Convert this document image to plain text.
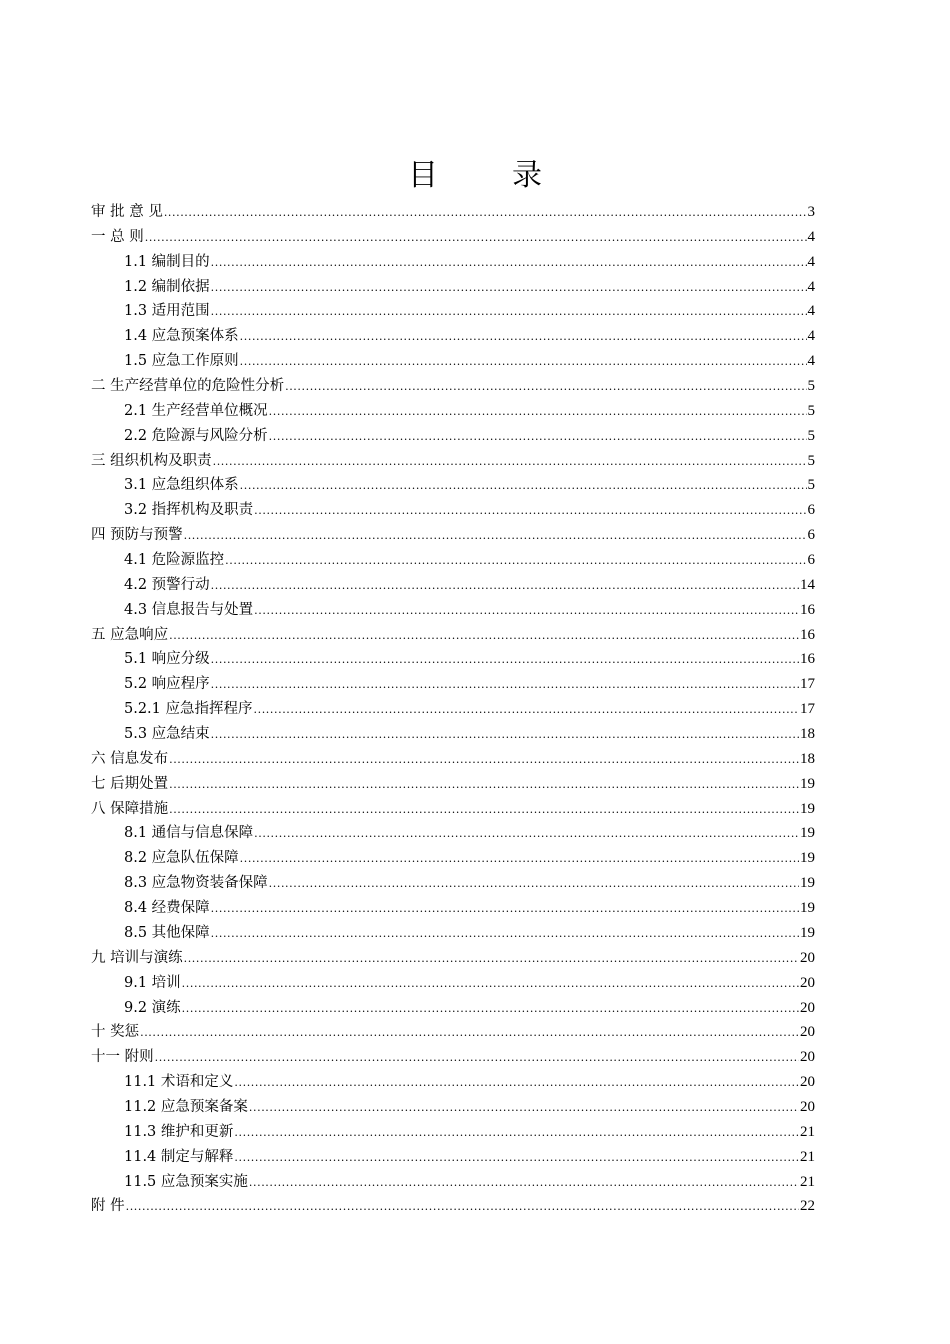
目　录
审 批 意 见 .....	3
一 总 则 .....	4
1.1 编制目的 .....	4
1.2 编制依据 .....	4
1.3 适用范围 .....	4
1.4 应急预案体系 .....	4
1.5 应急工作原则 .....	4
二 生产经营单位的危险性分析 .....	5
2.1 生产经营单位概况 .....	5
2.2 危险源与风险分析 .....	5
三 组织机构及职责 .....	5
3.1 应急组织体系 .....	5
3.2 指挥机构及职责 .....	6
四 预防与预警 .....	6
4.1 危险源监控 .....	6
4.2 预警行动 .....	14
4.3 信息报告与处置 .....	16
五 应急响应 .....	16
5.1 响应分级 .....	16
5.2 响应程序 .....	17
5.2.1 应急指挥程序 .....	17
5.3 应急结束 .....	18
六 信息发布 .....	18
七 后期处置 .....	19
八 保障措施 .....	19
8.1 通信与信息保障 .....	19
8.2 应急队伍保障 .....	19
8.3 应急物资装备保障 .....	19
8.4 经费保障 .....	19
8.5 其他保障 .....	19
九 培训与演练 .....	20
9.1 培训 .....	20
9.2 演练 .....	20
十 奖惩 .....	20
十一 附则 .....	20
11.1 术语和定义 .....	20
11.2 应急预案备案 .....	20
11.3 维护和更新 .....	21
11.4 制定与解释 .....	21
11.5 应急预案实施 .....	21
附 件 .....	22
